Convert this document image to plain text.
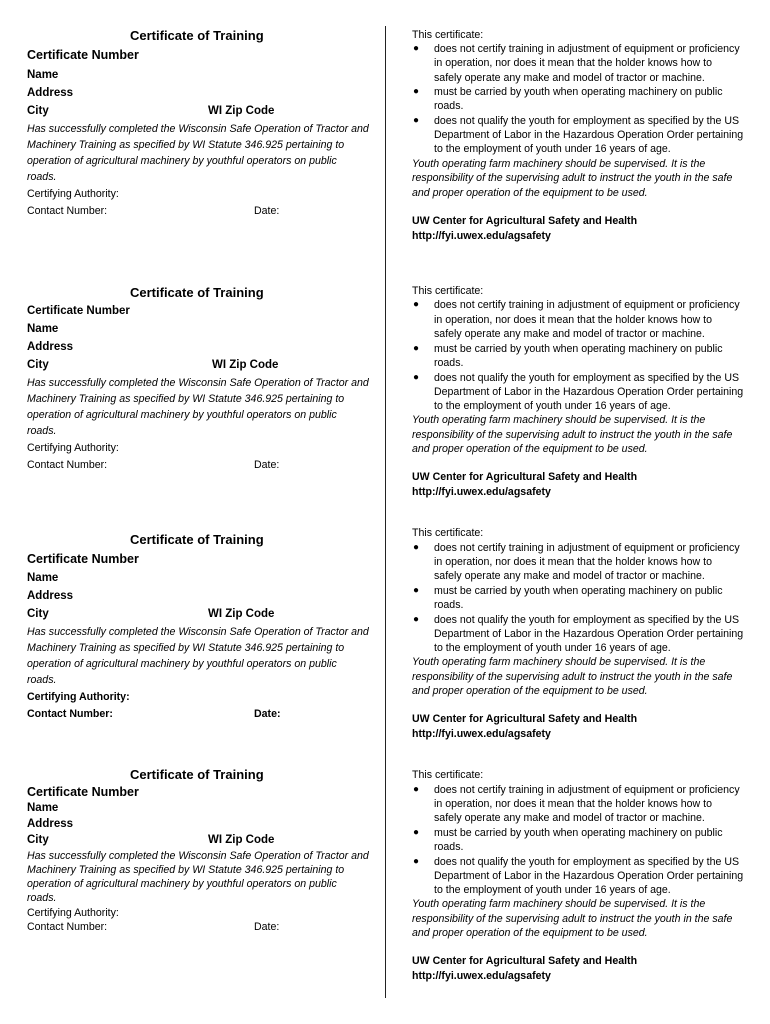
Certificate of Training
Certificate Number
Name
Address
City	WI Zip Code
Has successfully completed the Wisconsin Safe Operation of Tractor and
Machinery Training as specified by WI Statute 346.925 pertaining to
operation of agricultural machinery by youthful operators on public
roads.
Certifying Authority:
Contact Number:	Date:
This certificate:
● does not certify training in adjustment of equipment or proficiency
in operation, nor does it mean that the holder knows how to
safely operate any make and model of tractor or machine.
● must be carried by youth when operating machinery on public
roads.
● does not qualify the youth for employment as specified by the US
Department of Labor in the Hazardous Operation Order pertaining
to the employment of youth under 16 years of age.
Youth operating farm machinery should be supervised. It is the
responsibility of the supervising adult to instruct the youth in the safe
and proper operation of the equipment to be used.
UW Center for Agricultural Safety and Health
http://fyi.uwex.edu/agsafety
Certificate of Training
Certificate Number
Name
Address
City	WI Zip Code
Has successfully completed the Wisconsin Safe Operation of Tractor and
Machinery Training as specified by WI Statute 346.925 pertaining to
operation of agricultural machinery by youthful operators on public
roads.
Certifying Authority:
Contact Number:	Date:
This certificate:
● does not certify training in adjustment of equipment or proficiency
in operation, nor does it mean that the holder knows how to
safely operate any make and model of tractor or machine.
● must be carried by youth when operating machinery on public
roads.
● does not qualify the youth for employment as specified by the US
Department of Labor in the Hazardous Operation Order pertaining
to the employment of youth under 16 years of age.
Youth operating farm machinery should be supervised. It is the
responsibility of the supervising adult to instruct the youth in the safe
and proper operation of the equipment to be used.
UW Center for Agricultural Safety and Health
http://fyi.uwex.edu/agsafety
Certificate of Training
Certificate Number
Name
Address
City	WI Zip Code
Has successfully completed the Wisconsin Safe Operation of Tractor and
Machinery Training as specified by WI Statute 346.925 pertaining to
operation of agricultural machinery by youthful operators on public
roads.
Certifying Authority:
Contact Number:	Date:
This certificate:
● does not certify training in adjustment of equipment or proficiency
in operation, nor does it mean that the holder knows how to
safely operate any make and model of tractor or machine.
● must be carried by youth when operating machinery on public
roads.
● does not qualify the youth for employment as specified by the US
Department of Labor in the Hazardous Operation Order pertaining
to the employment of youth under 16 years of age.
Youth operating farm machinery should be supervised. It is the
responsibility of the supervising adult to instruct the youth in the safe
and proper operation of the equipment to be used.
UW Center for Agricultural Safety and Health
http://fyi.uwex.edu/agsafety
Certificate of Training
Certificate Number
Name
Address
City	WI Zip Code
Has successfully completed the Wisconsin Safe Operation of Tractor and
Machinery Training as specified by WI Statute 346.925 pertaining to
operation of agricultural machinery by youthful operators on public
roads.
Certifying Authority:
Contact Number:	Date:
This certificate:
● does not certify training in adjustment of equipment or proficiency
in operation, nor does it mean that the holder knows how to
safely operate any make and model of tractor or machine.
● must be carried by youth when operating machinery on public
roads.
● does not qualify the youth for employment as specified by the US
Department of Labor in the Hazardous Operation Order pertaining
to the employment of youth under 16 years of age.
Youth operating farm machinery should be supervised. It is the
responsibility of the supervising adult to instruct the youth in the safe
and proper operation of the equipment to be used.
UW Center for Agricultural Safety and Health
http://fyi.uwex.edu/agsafety
